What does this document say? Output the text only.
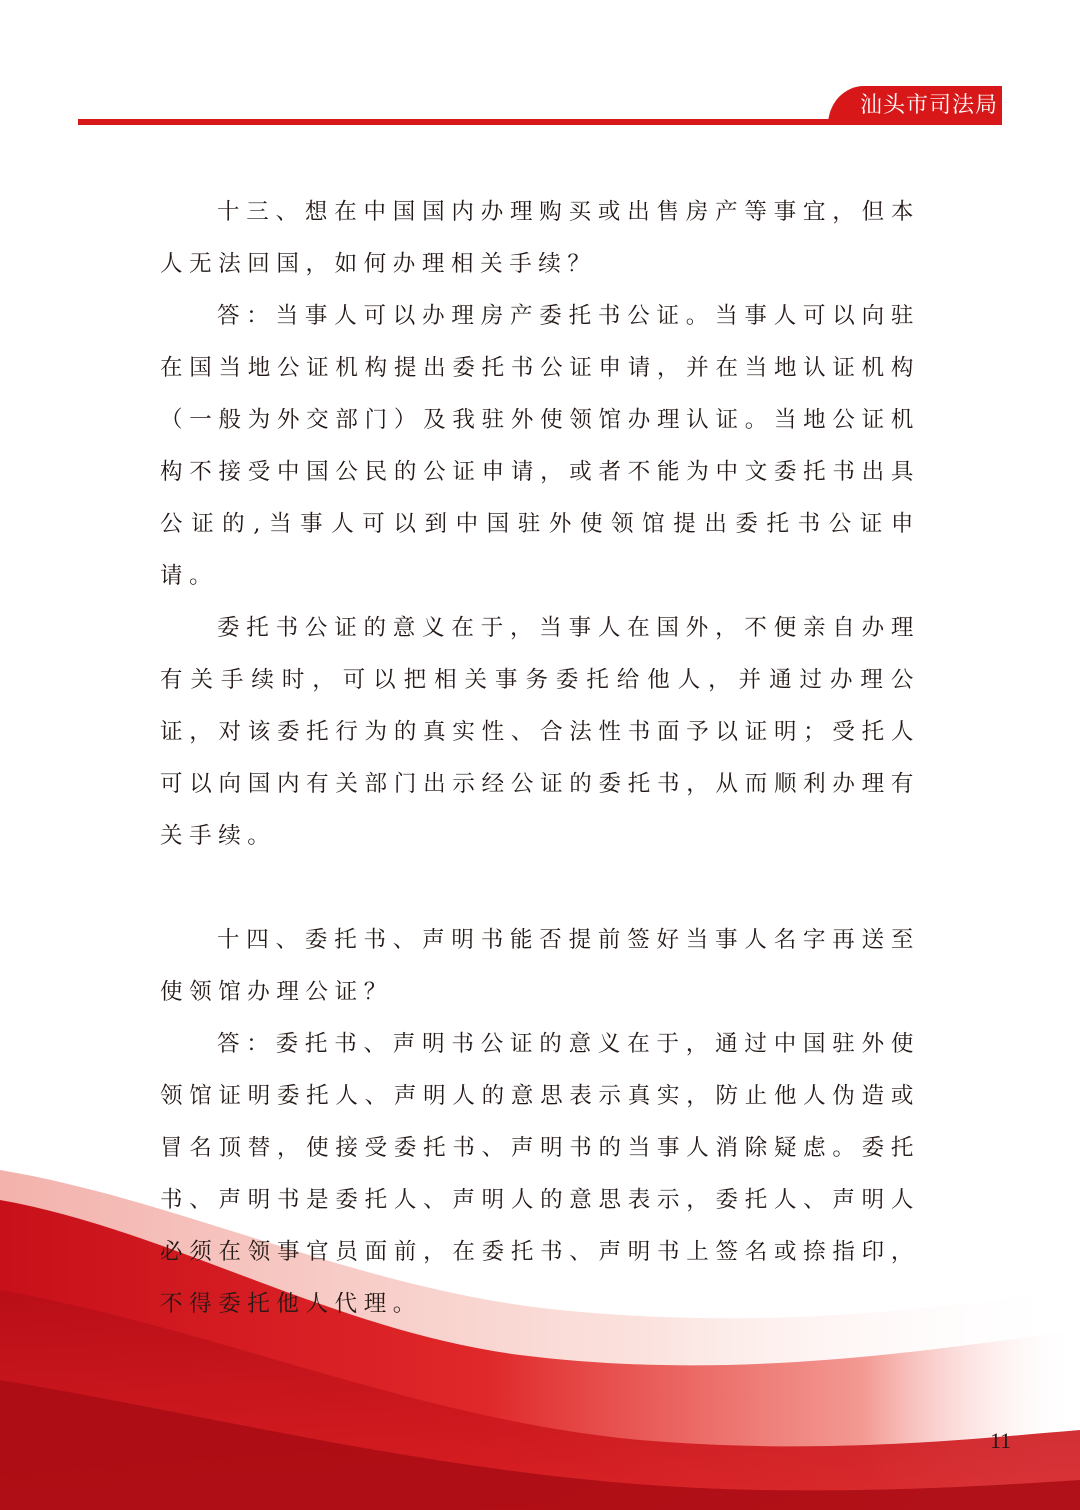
汕头市司法局

十三、想在中国国内办理购买或出售房产等事宜，但本人无法回国，如何办理相关手续？

答：当事人可以办理房产委托书公证。当事人可以向驻在国当地公证机构提出委托书公证申请，并在当地认证机构（一般为外交部门）及我驻外使领馆办理认证。当地公证机构不接受中国公民的公证申请，或者不能为中文委托书出具公证的,当事人可以到中国驻外使领馆提出委托书公证申请。

委托书公证的意义在于，当事人在国外，不便亲自办理有关手续时，可以把相关事务委托给他人，并通过办理公证，对该委托行为的真实性、合法性书面予以证明；受托人可以向国内有关部门出示经公证的委托书，从而顺利办理有关手续。

十四、委托书、声明书能否提前签好当事人名字再送至使领馆办理公证？

答：委托书、声明书公证的意义在于，通过中国驻外使领馆证明委托人、声明人的意思表示真实，防止他人伪造或冒名顶替，使接受委托书、声明书的当事人消除疑虑。委托书、声明书是委托人、声明人的意思表示，委托人、声明人必须在领事官员面前，在委托书、声明书上签名或捺指印，不得委托他人代理。

11
